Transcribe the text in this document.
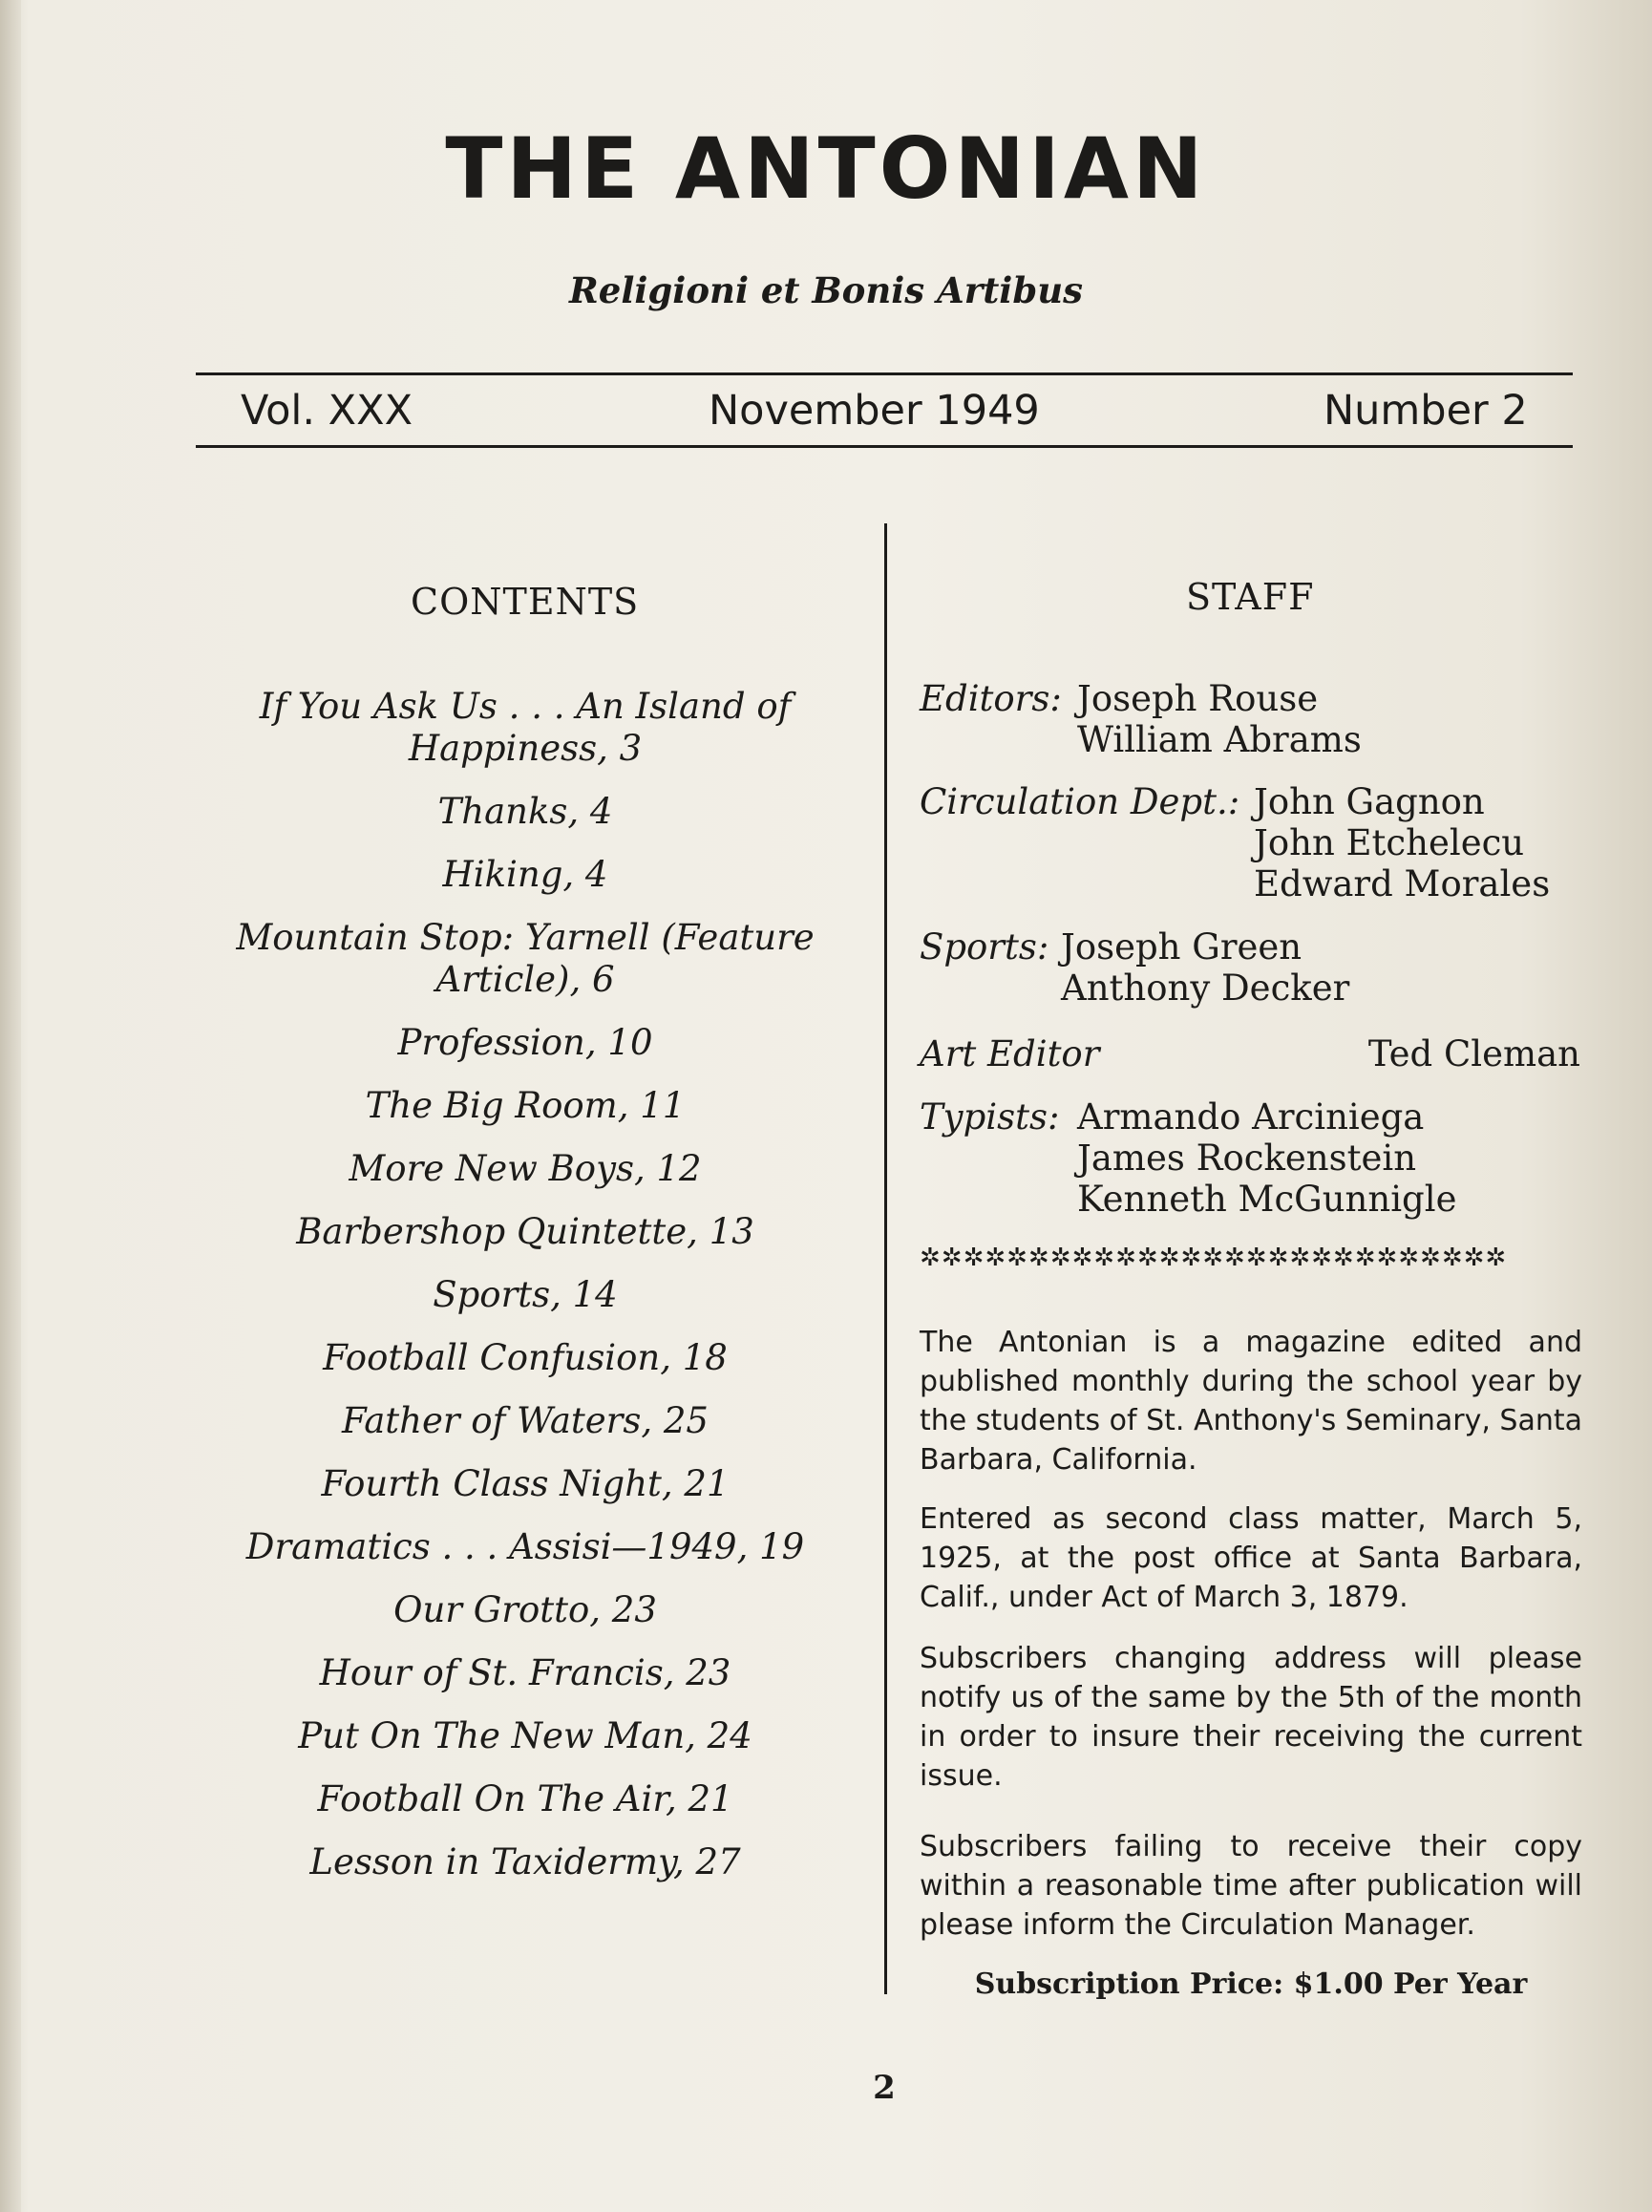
THE ANTONIAN
Religioni et Bonis Artibus
Vol. XXX	November 1949	Number 2
CONTENTS	STAFF
If You Ask Us . . . An Island of Happiness, 3
Thanks, 4
Hiking, 4
Mountain Stop: Yarnell (Feature Article), 6
Profession, 10
The Big Room, 11
More New Boys, 12
Barbershop Quintette, 13
Sports, 14
Football Confusion, 18
Father of Waters, 25
Fourth Class Night, 21
Dramatics . . . Assisi—1949, 19
Our Grotto, 23
Hour of St. Francis, 23
Put On The New Man, 24
Football On The Air, 21
Lesson in Taxidermy, 27
Editors: Joseph Rouse
William Abrams
Circulation Dept.: John Gagnon
John Etchelecu
Edward Morales
Sports: Joseph Green
Anthony Decker
Art Editor	Ted Cleman
Typists: Armando Arciniega
James Rockenstein
Kenneth McGunnigle
✲✲✲✲✲✲✲✲✲✲✲✲✲✲✲✲✲✲✲✲✲✲✲✲✲✲✲
The Antonian is a magazine edited and published monthly during the school year by the students of St. Anthony's Seminary, Santa Barbara, California.
Entered as second class matter, March 5, 1925, at the post office at Santa Barbara, Calif., under Act of March 3, 1879.
Subscribers changing address will please notify us of the same by the 5th of the month in order to insure their receiving the current issue.
Subscribers failing to receive their copy within a reasonable time after publication will please inform the Circulation Manager.
Subscription Price: $1.00 Per Year
2
